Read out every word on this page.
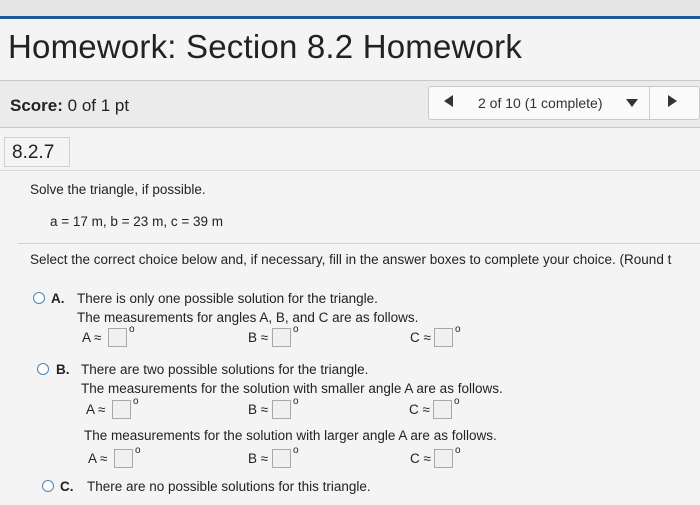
Homework: Section 8.2 Homework
Score: 0 of 1 pt	2 of 10 (1 complete)
8.2.7
Solve the triangle, if possible.
a = 17 m, b = 23 m, c = 39 m
Select the correct choice below and, if necessary, fill in the answer boxes to complete your choice. (Round t
A. There is only one possible solution for the triangle.
The measurements for angles A, B, and C are as follows.
A ≈
o
B ≈
o
C ≈
o
B. There are two possible solutions for the triangle.
The measurements for the solution with smaller angle A are as follows.
A ≈
o
B ≈
o
C ≈
o
The measurements for the solution with larger angle A are as follows.
A ≈
o
B ≈
o
C ≈
o
C. There are no possible solutions for this triangle.
